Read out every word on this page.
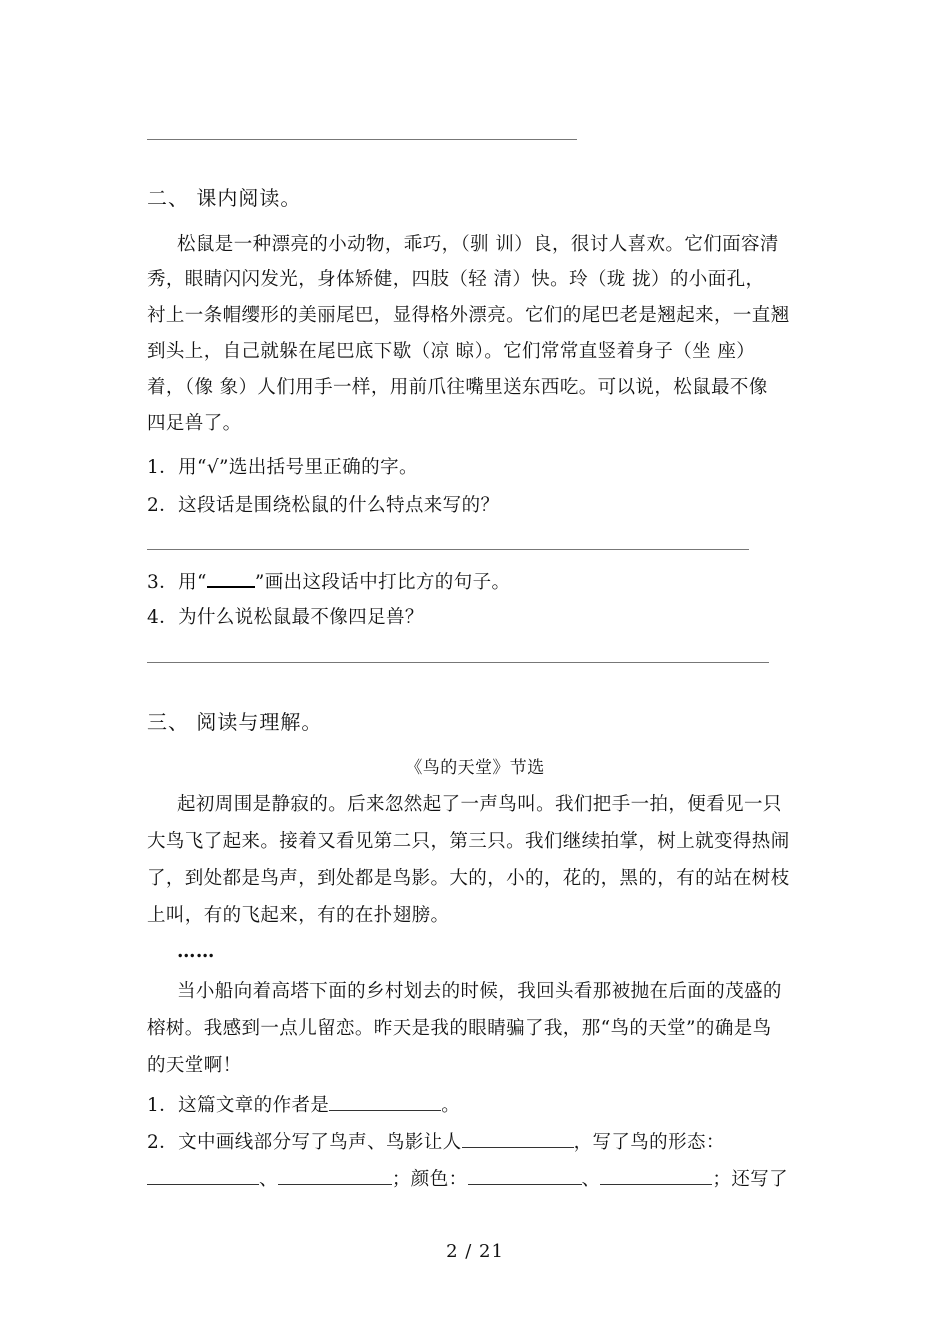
二、 课内阅读。
松鼠是一种漂亮的小动物，乖巧，（驯 训）良，很讨人喜欢。它们面容清
秀，眼睛闪闪发光，身体矫健，四肢（轻 清）快。玲（珑 拢）的小面孔，
衬上一条帽缨形的美丽尾巴，显得格外漂亮。它们的尾巴老是翘起来，一直翘
到头上，自己就躲在尾巴底下歇（凉 晾）。它们常常直竖着身子（坐 座）
着，（像 象）人们用手一样，用前爪往嘴里送东西吃。可以说，松鼠最不像
四足兽了。
1．用“√”选出括号里正确的字。
2．这段话是围绕松鼠的什么特点来写的？
3．用“	”画出这段话中打比方的句子。
4．为什么说松鼠最不像四足兽？
三、 阅读与理解。
《鸟的天堂》节选
起初周围是静寂的。后来忽然起了一声鸟叫。我们把手一拍，便看见一只
大鸟飞了起来。接着又看见第二只，第三只。我们继续拍掌，树上就变得热闹
了，到处都是鸟声，到处都是鸟影。大的，小的，花的，黑的，有的站在树枝
上叫，有的飞起来，有的在扑翅膀。
……
当小船向着高塔下面的乡村划去的时候，我回头看那被抛在后面的茂盛的
榕树。我感到一点儿留恋。昨天是我的眼睛骗了我，那“鸟的天堂”的确是鸟
的天堂啊！
1．这篇文章的作者是	。
2．文中画线部分写了鸟声、鸟影让人	，写了鸟的形态：
、	；颜色：	、	；还写了
2 / 21
